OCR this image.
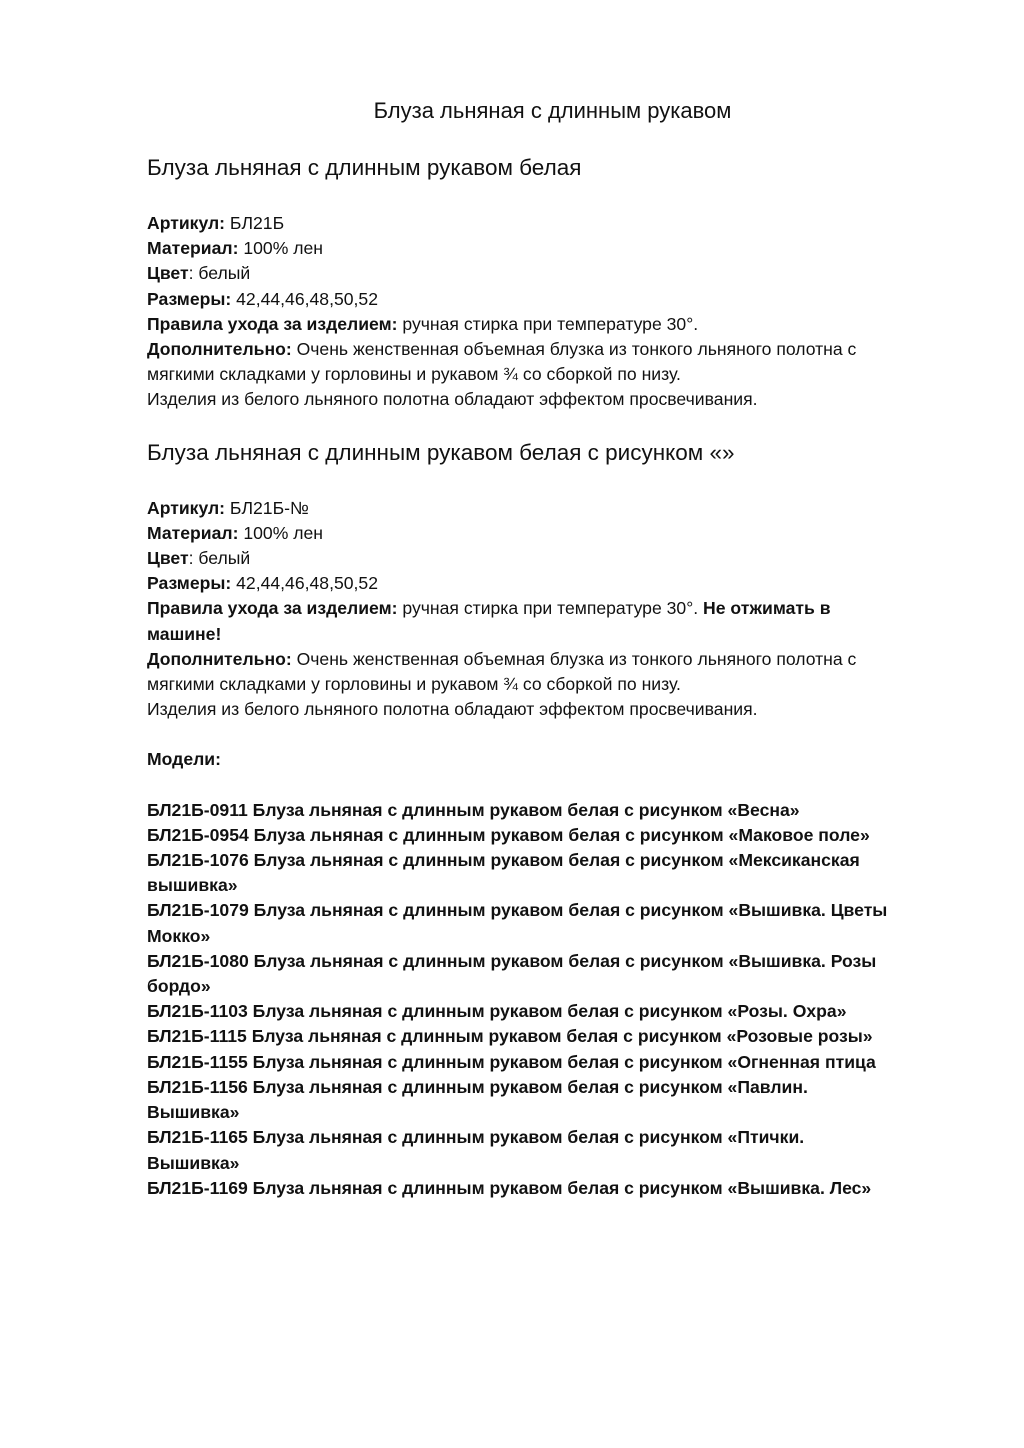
Блуза льняная с длинным рукавом
Блуза льняная с длинным рукавом белая

Артикул: БЛ21Б

Материал: 100% лен

Цвет: белый

Размеры: 42,44,46,48,50,52

Правила ухода за изделием: ручная стирка при температуре 30°.

Дополнительно: Очень женственная объемная блузка из тонкого льняного полотна с

мягкими складками у горловины и рукавом ¾ со сборкой по низу.

Изделия из белого льняного полотна обладают эффектом просвечивания.

Блуза льняная с длинным рукавом белая с рисунком «»

Артикул: БЛ21Б-№

Материал: 100% лен

Цвет: белый

Размеры: 42,44,46,48,50,52

Правила ухода за изделием: ручная стирка при температуре 30°. Не отжимать в

машине!

Дополнительно: Очень женственная объемная блузка из тонкого льняного полотна с

мягкими складками у горловины и рукавом ¾ со сборкой по низу.

Изделия из белого льняного полотна обладают эффектом просвечивания.

Модели:
БЛ21Б-0911 Блуза льняная с длинным рукавом белая с рисунком «Весна»
БЛ21Б-0954 Блуза льняная с длинным рукавом белая с рисунком «Маковое поле»
БЛ21Б-1076 Блуза льняная с длинным рукавом белая с рисунком «Мексиканская
вышивка»
БЛ21Б-1079 Блуза льняная с длинным рукавом белая с рисунком «Вышивка. Цветы
Мокко»
БЛ21Б-1080 Блуза льняная с длинным рукавом белая с рисунком «Вышивка. Розы
бордо»
БЛ21Б-1103 Блуза льняная с длинным рукавом белая с рисунком «Розы. Охра»
БЛ21Б-1115 Блуза льняная с длинным рукавом белая с рисунком «Розовые розы»
БЛ21Б-1155 Блуза льняная с длинным рукавом белая с рисунком «Огненная птица
БЛ21Б-1156 Блуза льняная с длинным рукавом белая с рисунком «Павлин.
Вышивка»
БЛ21Б-1165 Блуза льняная с длинным рукавом белая с рисунком «Птички.
Вышивка»
БЛ21Б-1169 Блуза льняная с длинным рукавом белая с рисунком «Вышивка. Лес»
